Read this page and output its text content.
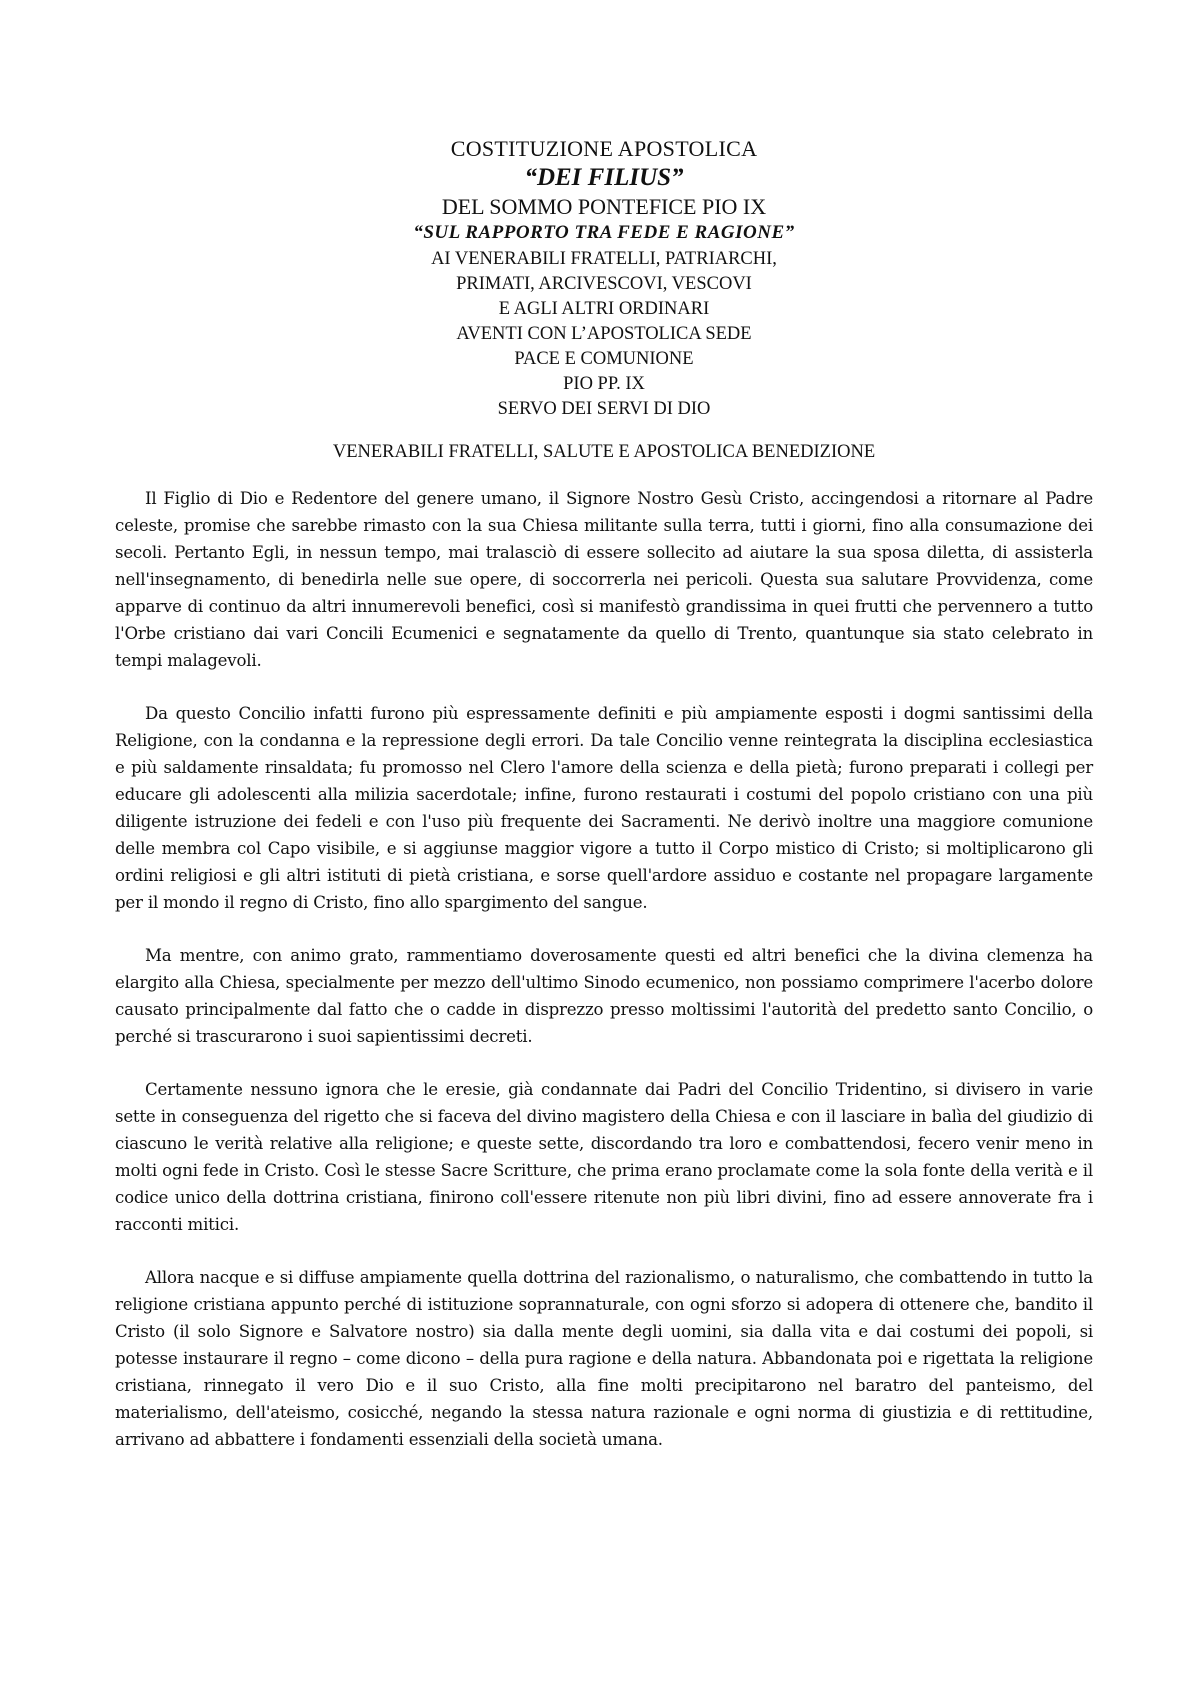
COSTITUZIONE APOSTOLICA
“DEI FILIUS”
DEL SOMMO PONTEFICE PIO IX
“SUL RAPPORTO TRA FEDE E RAGIONE”
AI VENERABILI FRATELLI, PATRIARCHI,
PRIMATI, ARCIVESCOVI, VESCOVI
E AGLI ALTRI ORDINARI
AVENTI CON L’APOSTOLICA SEDE
PACE E COMUNIONE
PIO PP. IX
SERVO DEI SERVI DI DIO
VENERABILI FRATELLI, SALUTE E APOSTOLICA BENEDIZIONE

Il Figlio di Dio e Redentore del genere umano, il Signore Nostro Gesù Cristo, accingendosi a ritornare al Padre celeste, promise che sarebbe rimasto con la sua Chiesa militante sulla terra, tutti i giorni, fino alla consumazione dei secoli. Pertanto Egli, in nessun tempo, mai tralasciò di essere sollecito ad aiutare la sua sposa diletta, di assisterla nell'insegnamento, di benedirla nelle sue opere, di soccorrerla nei pericoli. Questa sua salutare Provvidenza, come apparve di continuo da altri innumerevoli benefici, così si manifestò grandissima in quei frutti che pervennero a tutto l'Orbe cristiano dai vari Concili Ecumenici e segnatamente da quello di Trento, quantunque sia stato celebrato in tempi malagevoli.

Da questo Concilio infatti furono più espressamente definiti e più ampiamente esposti i dogmi santissimi della Religione, con la condanna e la repressione degli errori. Da tale Concilio venne reintegrata la disciplina ecclesiastica e più saldamente rinsaldata; fu promosso nel Clero l'amore della scienza e della pietà; furono preparati i collegi per educare gli adolescenti alla milizia sacerdotale; infine, furono restaurati i costumi del popolo cristiano con una più diligente istruzione dei fedeli e con l'uso più frequente dei Sacramenti. Ne derivò inoltre una maggiore comunione delle membra col Capo visibile, e si aggiunse maggior vigore a tutto il Corpo mistico di Cristo; si moltiplicarono gli ordini religiosi e gli altri istituti di pietà cristiana, e sorse quell'ardore assiduo e costante nel propagare largamente per il mondo il regno di Cristo, fino allo spargimento del sangue.

Ma mentre, con animo grato, rammentiamo doverosamente questi ed altri benefici che la divina clemenza ha elargito alla Chiesa, specialmente per mezzo dell'ultimo Sinodo ecumenico, non possiamo comprimere l'acerbo dolore causato principalmente dal fatto che o cadde in disprezzo presso moltissimi l'autorità del predetto santo Concilio, o perché si trascurarono i suoi sapientissimi decreti.

Certamente nessuno ignora che le eresie, già condannate dai Padri del Concilio Tridentino, si divisero in varie sette in conseguenza del rigetto che si faceva del divino magistero della Chiesa e con il lasciare in balìa del giudizio di ciascuno le verità relative alla religione; e queste sette, discordando tra loro e combattendosi, fecero venir meno in molti ogni fede in Cristo. Così le stesse Sacre Scritture, che prima erano proclamate come la sola fonte della verità e il codice unico della dottrina cristiana, finirono coll'essere ritenute non più libri divini, fino ad essere annoverate fra i racconti mitici.

Allora nacque e si diffuse ampiamente quella dottrina del razionalismo, o naturalismo, che combattendo in tutto la religione cristiana appunto perché di istituzione soprannaturale, con ogni sforzo si adopera di ottenere che, bandito il Cristo (il solo Signore e Salvatore nostro) sia dalla mente degli uomini, sia dalla vita e dai costumi dei popoli, si potesse instaurare il regno – come dicono – della pura ragione e della natura. Abbandonata poi e rigettata la religione cristiana, rinnegato il vero Dio e il suo Cristo, alla fine molti precipitarono nel baratro del panteismo, del materialismo, dell'ateismo, cosicché, negando la stessa natura razionale e ogni norma di giustizia e di rettitudine, arrivano ad abbattere i fondamenti essenziali della società umana.
